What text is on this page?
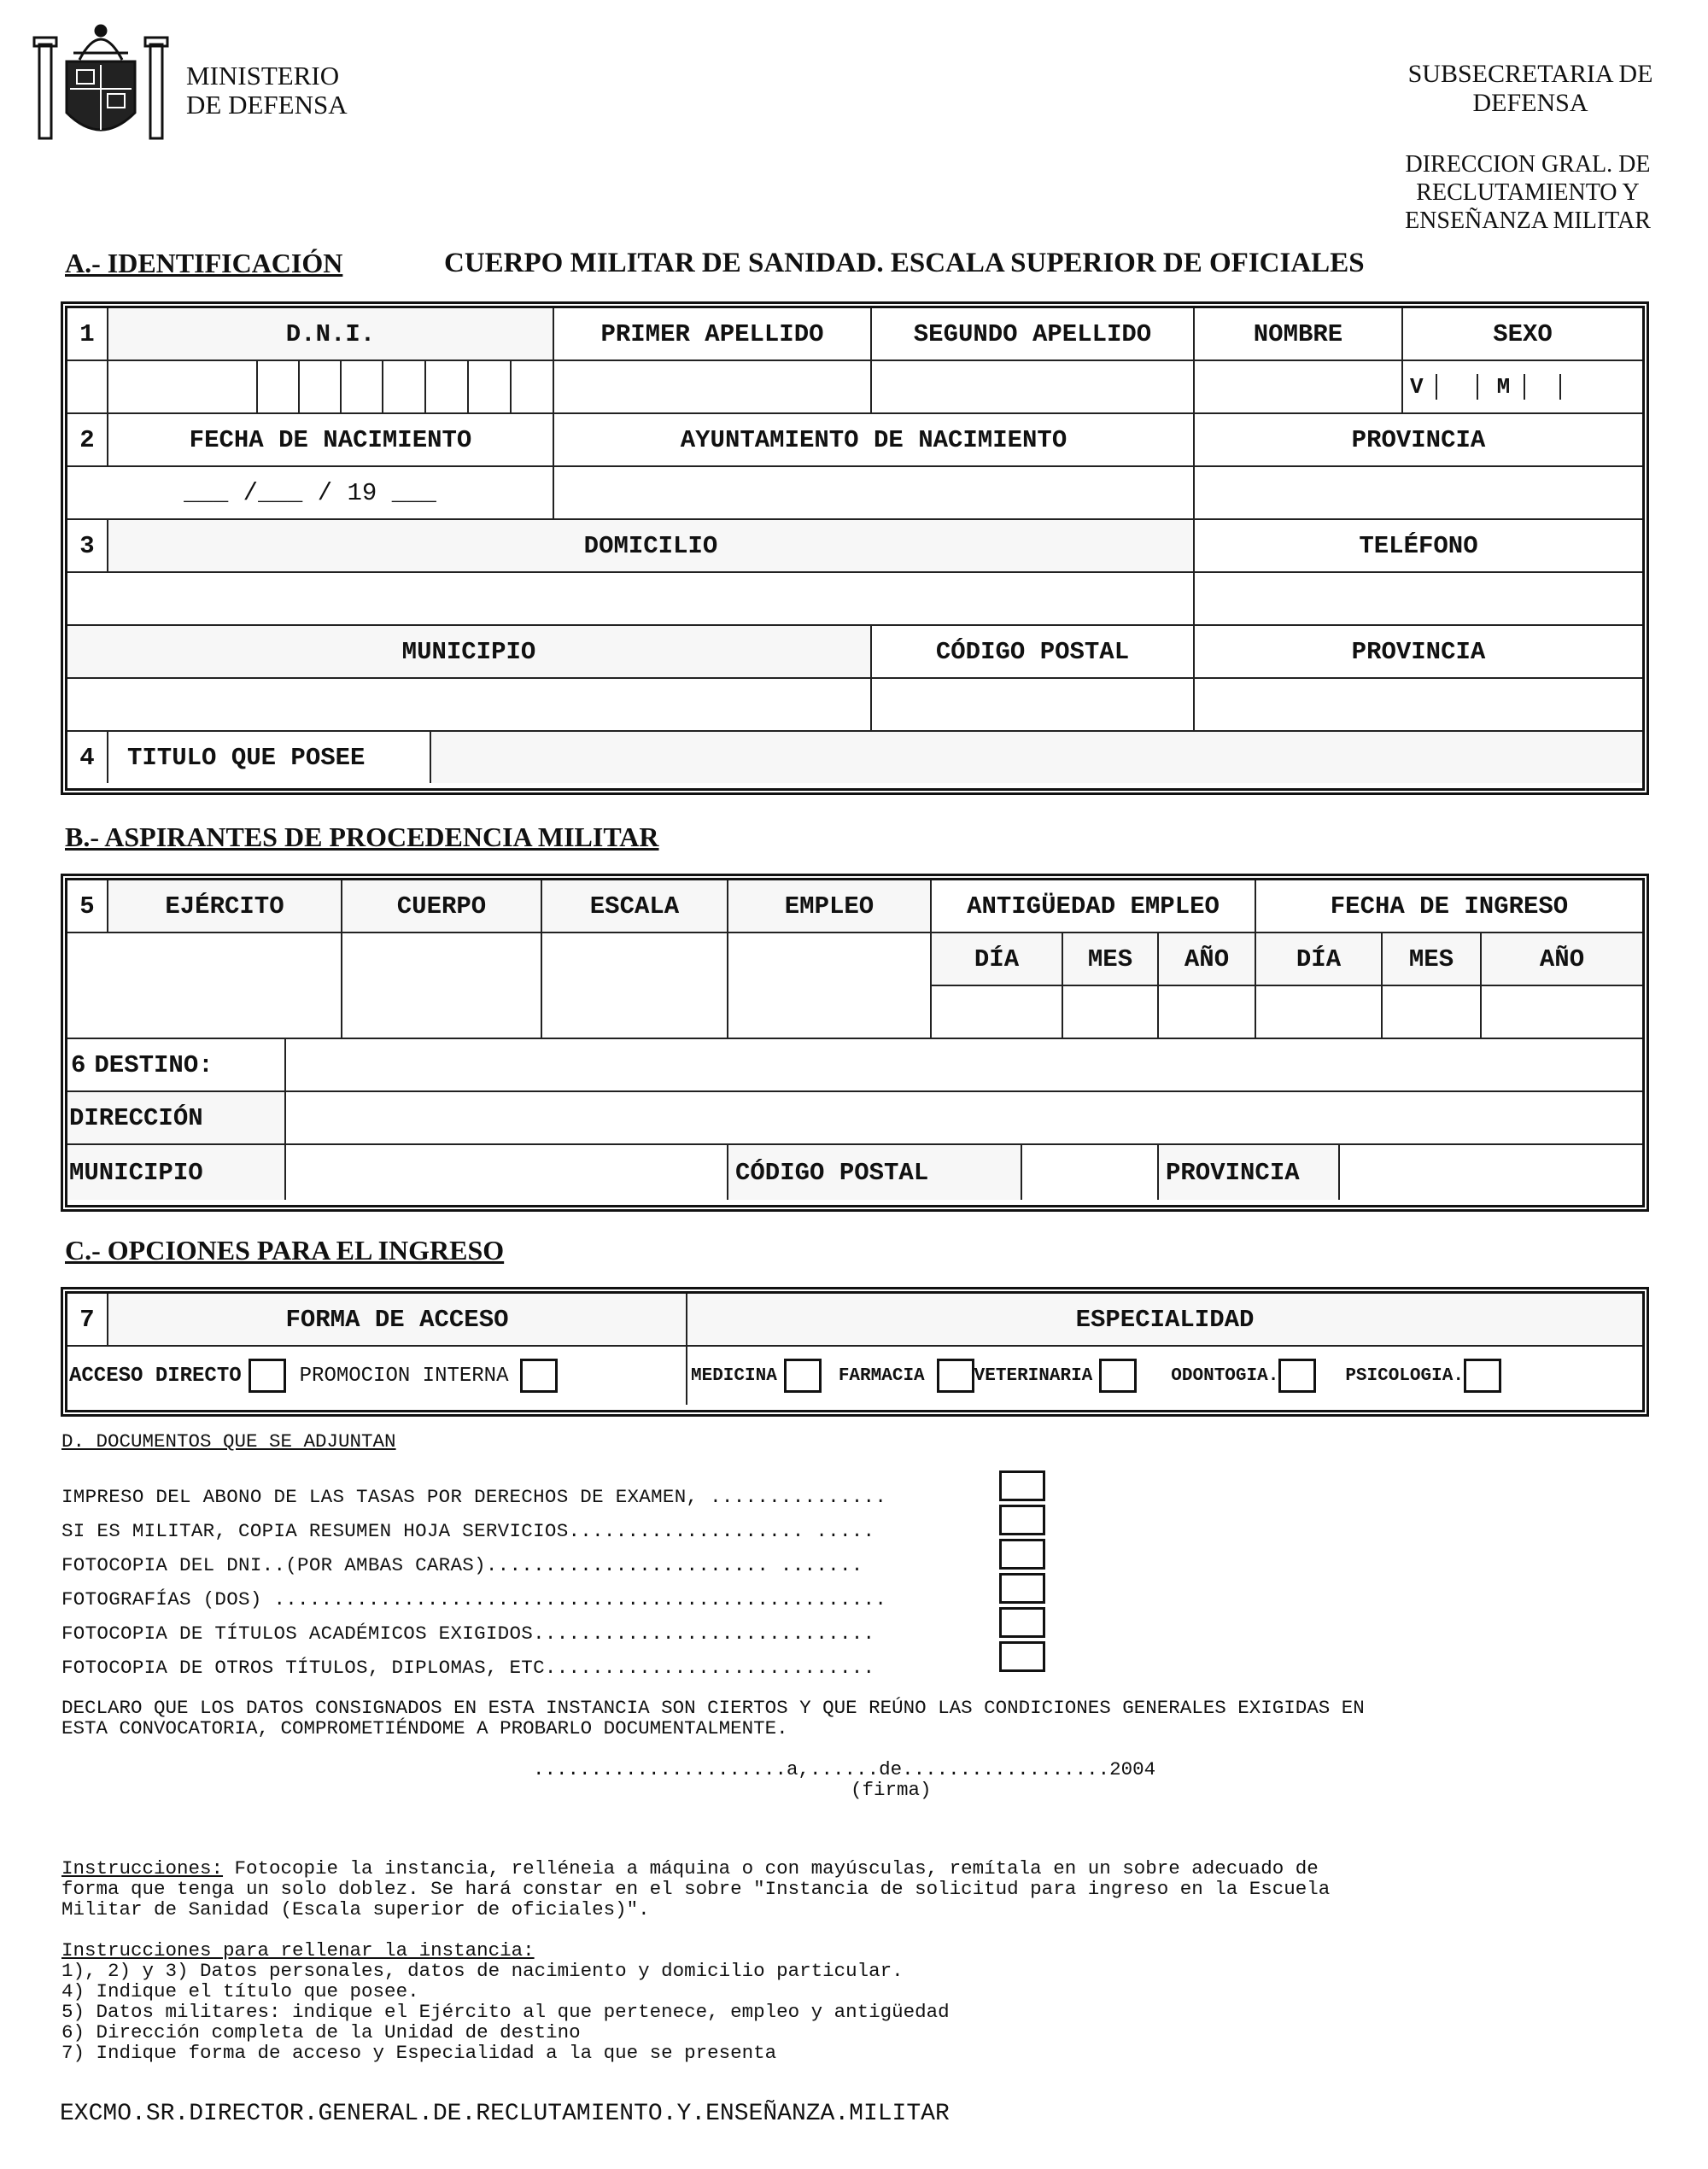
MINISTERIO
DE DEFENSA
SUBSECRETARIA DE
DEFENSA
DIRECCION GRAL. DE
RECLUTAMIENTO Y
ENSEÑANZA MILITAR
A.- IDENTIFICACIÓN	CUERPO MILITAR DE SANIDAD. ESCALA SUPERIOR DE OFICIALES
1	D.N.I.	PRIMER APELLIDO	SEGUNDO APELLIDO	NOMBRE	SEXO
V	M
2	FECHA DE NACIMIENTO	AYUNTAMIENTO DE NACIMIENTO	PROVINCIA
___ /___ / 19 ___
3	DOMICILIO	TELÉFONO
MUNICIPIO	CÓDIGO POSTAL	PROVINCIA
4	TITULO QUE POSEE
B.- ASPIRANTES DE PROCEDENCIA MILITAR
5	EJÉRCITO	CUERPO	ESCALA	EMPLEO	ANTIGÜEDAD EMPLEO	FECHA DE INGRESO
DÍA	MES	AÑO	DÍA	MES	AÑO
6 DESTINO:
DIRECCIÓN
MUNICIPIO	CÓDIGO POSTAL	PROVINCIA
C.- OPCIONES PARA EL INGRESO
7	FORMA DE ACCESO	ESPECIALIDAD
ACCESO DIRECTO	PROMOCION INTERNA	MEDICINA	FARMACIA	VETERINARIA	ODONTOGIA.	PSICOLOGIA.
D. DOCUMENTOS QUE SE ADJUNTAN
IMPRESO DEL ABONO DE LAS TASAS POR DERECHOS DE EXAMEN, ...............
SI ES MILITAR, COPIA RESUMEN HOJA SERVICIOS.................... .....
FOTOCOPIA DEL DNI..(POR AMBAS CARAS)........................ .......
FOTOGRAFÍAS (DOS) ....................................................
FOTOCOPIA DE TÍTULOS ACADÉMICOS EXIGIDOS.............................
FOTOCOPIA DE OTROS TÍTULOS, DIPLOMAS, ETC............................
DECLARO QUE LOS DATOS CONSIGNADOS EN ESTA INSTANCIA SON CIERTOS Y QUE REÚNO LAS CONDICIONES GENERALES EXIGIDAS EN
ESTA CONVOCATORIA, COMPROMETIÉNDOME A PROBARLO DOCUMENTALMENTE.
......................a,......de..................2004
(firma)
Instrucciones: Fotocopie la instancia, relléneia a máquina o con mayúsculas, remítala en un sobre adecuado de
forma que tenga un solo doblez. Se hará constar en el sobre "Instancia de solicitud para ingreso en la Escuela
Militar de Sanidad (Escala superior de oficiales)".
Instrucciones para rellenar la instancia:
1), 2) y 3) Datos personales, datos de nacimiento y domicilio particular.
4) Indique el título que posee.
5) Datos militares: indique el Ejército al que pertenece, empleo y antigüedad
6) Dirección completa de la Unidad de destino
7) Indique forma de acceso y Especialidad a la que se presenta
EXCMO.SR.DIRECTOR.GENERAL.DE.RECLUTAMIENTO.Y.ENSEÑANZA.MILITAR
